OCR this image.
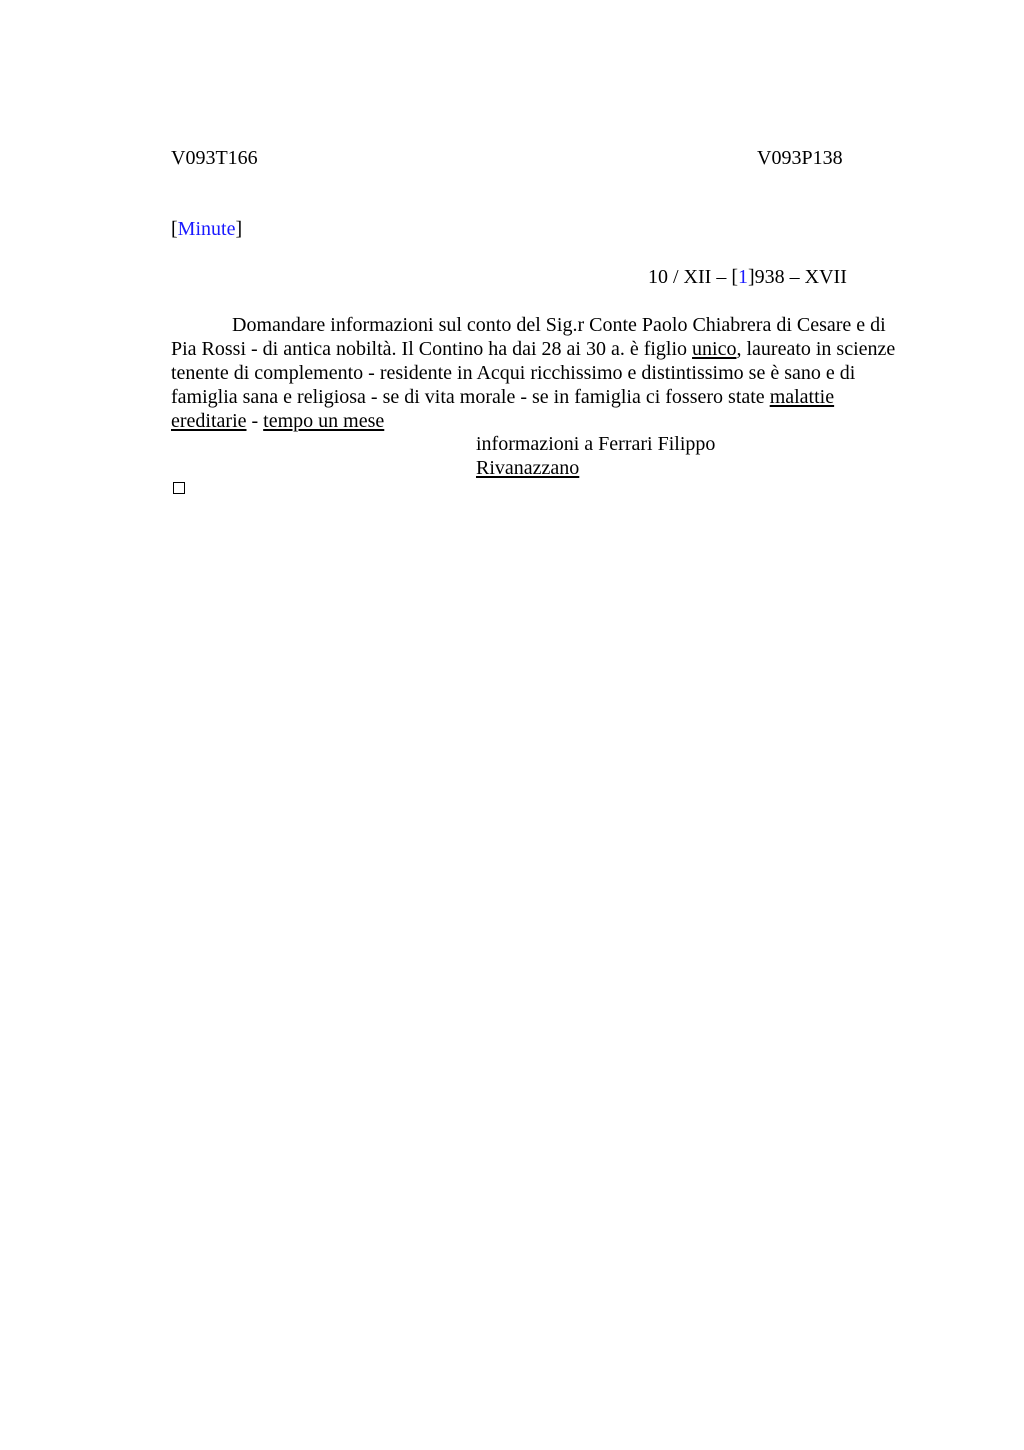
V093T166	V093P138
[Minute]
10 / XII – [1]938 – XVII
Domandare informazioni sul conto del Sig.r Conte Paolo Chiabrera di Cesare e di
Pia Rossi - di antica nobiltà. Il Contino ha dai 28 ai 30 a. è figlio unico, laureato in scienze
tenente di complemento - residente in Acqui ricchissimo e distintissimo se è sano e di
famiglia sana e religiosa - se di vita morale - se in famiglia ci fossero state malattie
ereditarie - tempo un mese
informazioni a Ferrari Filippo
Rivanazzano
